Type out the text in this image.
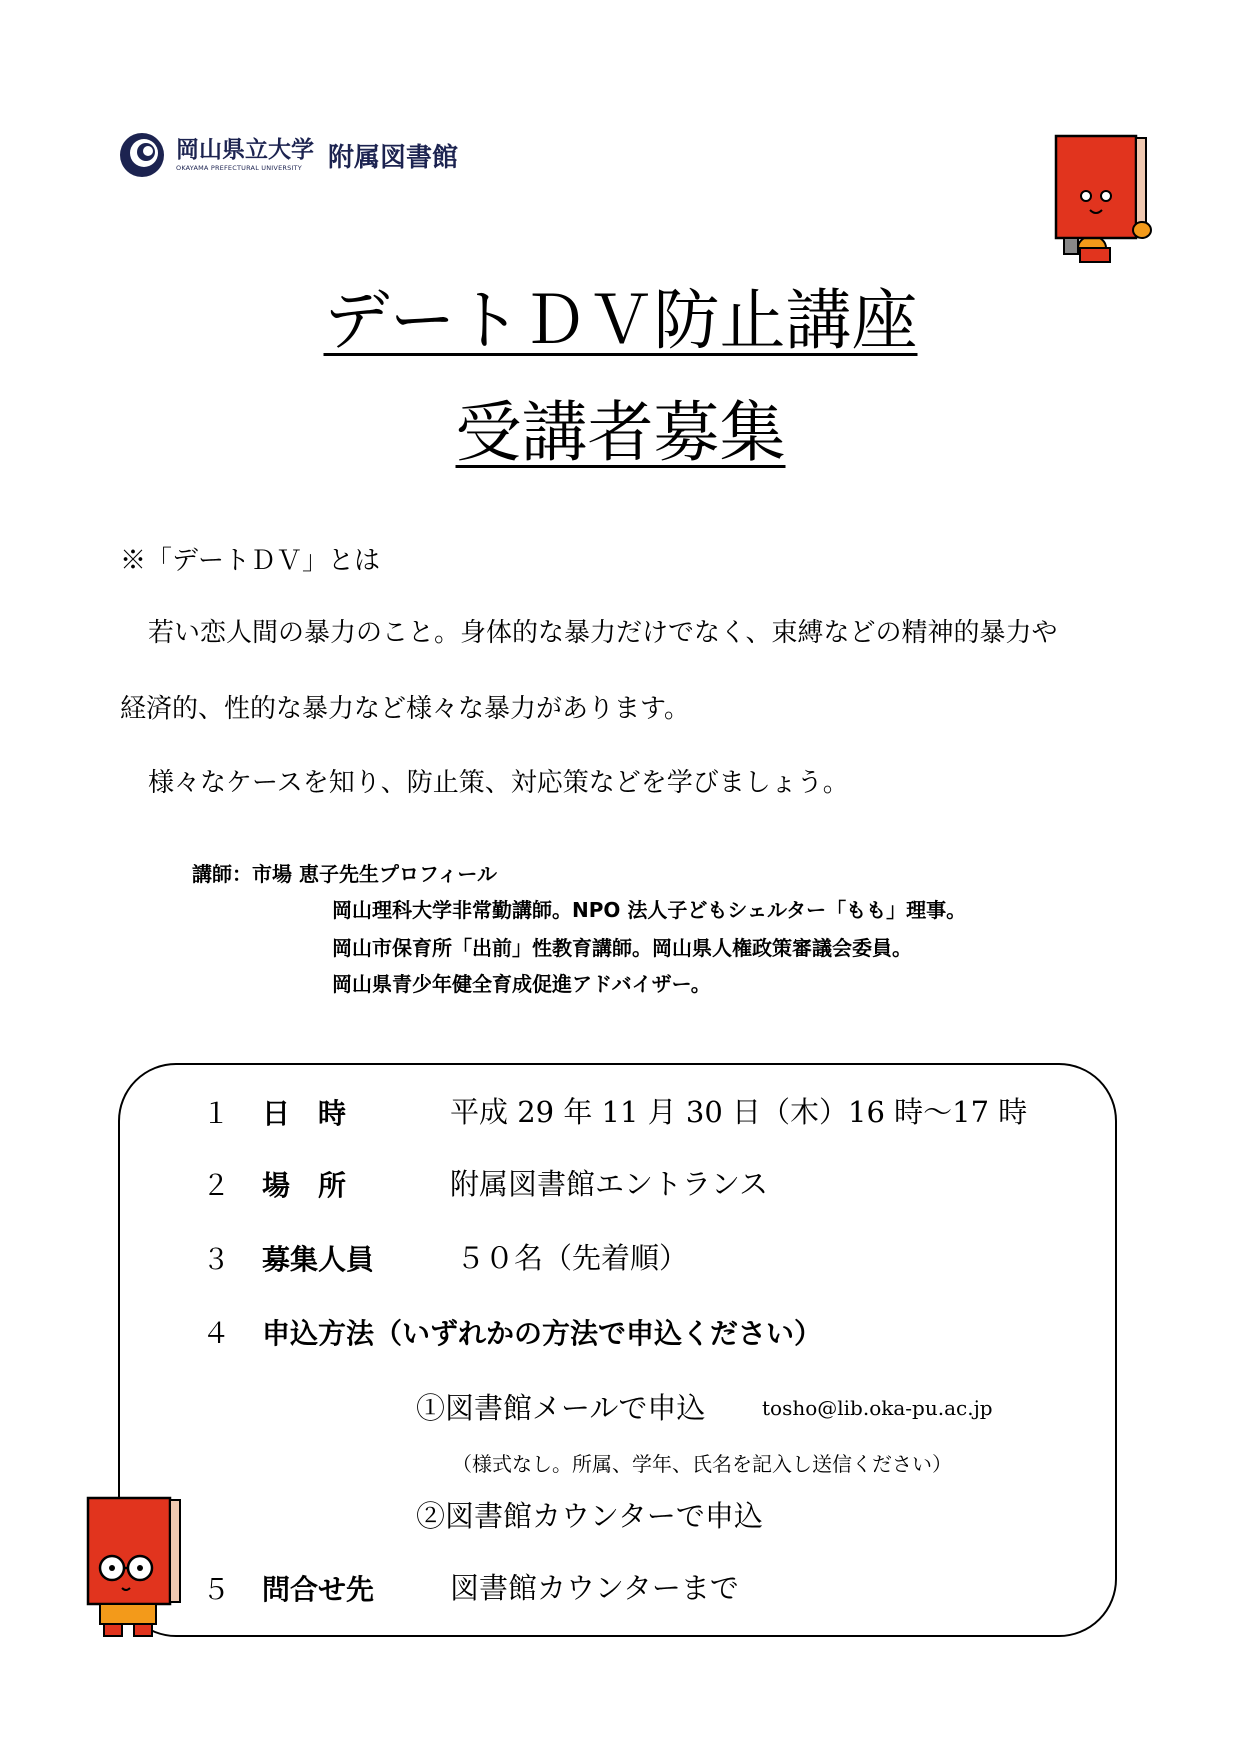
岡山県立大学
OKAYAMA PREFECTURAL UNIVERSITY	附属図書館
デートＤＶ防止講座
受講者募集
※「デートＤＶ」とは
若い恋人間の暴力のこと。身体的な暴力だけでなく、束縛などの精神的暴力や
経済的、性的な暴力など様々な暴力があります。
様々なケースを知り、防止策、対応策などを学びましょう。
講師：市場 恵子先生プロフィール
岡山理科大学非常勤講師。NPO 法人子どもシェルター「もも」理事。
岡山市保育所「出前」性教育講師。岡山県人権政策審議会委員。
岡山県青少年健全育成促進アドバイザー。
１ 日　時	平成 29 年 11 月 30 日（木）16 時～17 時
２ 場　所	附属図書館エントランス
３ 募集人員	５０名（先着順）
４ 申込方法（いずれかの方法で申込ください）
①図書館メールで申込	tosho@lib.oka-pu.ac.jp
（様式なし。所属、学年、氏名を記入し送信ください）
②図書館カウンターで申込
５ 問合せ先	図書館カウンターまで
